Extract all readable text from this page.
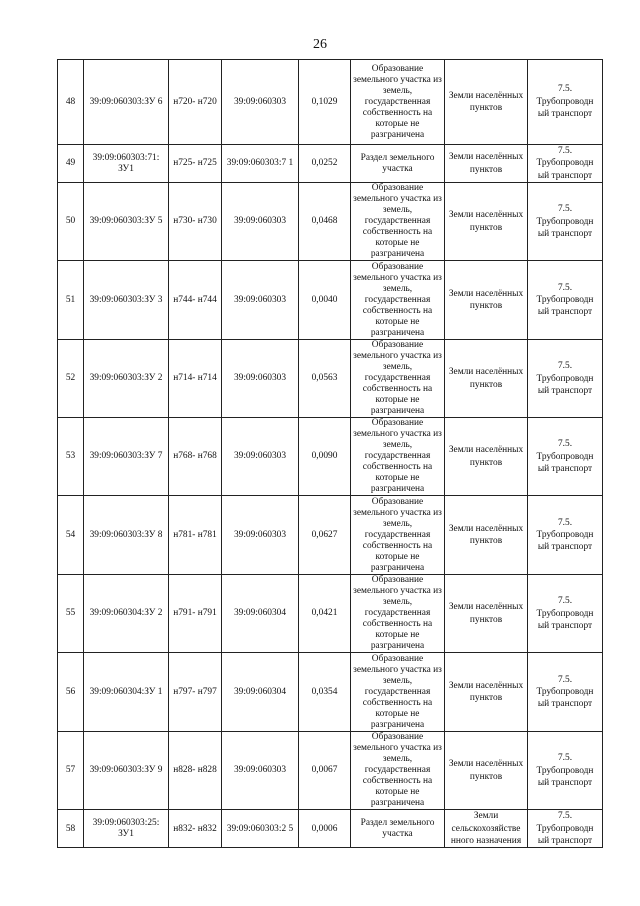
26
48	39:09:060303:ЗУ 6	н720- н720	39:09:060303	0,1029	Образование земельного участка из земель, государственная собственность на которые не разграничена	Земли населённых пунктов	7.5. Трубопроводн ый транспорт
49	39:09:060303:71: ЗУ1	н725- н725	39:09:060303:7 1	0,0252	Раздел земельного участка	Земли населённых пунктов	7.5. Трубопроводн ый транспорт
50	39:09:060303:ЗУ 5	н730- н730	39:09:060303	0,0468	Образование земельного участка из земель, государственная собственность на которые не разграничена	Земли населённых пунктов	7.5. Трубопроводн ый транспорт
51	39:09:060303:ЗУ 3	н744- н744	39:09:060303	0,0040	Образование земельного участка из земель, государственная собственность на которые не разграничена	Земли населённых пунктов	7.5. Трубопроводн ый транспорт
52	39:09:060303:ЗУ 2	н714- н714	39:09:060303	0,0563	Образование земельного участка из земель, государственная собственность на которые не разграничена	Земли населённых пунктов	7.5. Трубопроводн ый транспорт
53	39:09:060303:ЗУ 7	н768- н768	39:09:060303	0,0090	Образование земельного участка из земель, государственная собственность на которые не разграничена	Земли населённых пунктов	7.5. Трубопроводн ый транспорт
54	39:09:060303:ЗУ 8	н781- н781	39:09:060303	0,0627	Образование земельного участка из земель, государственная собственность на которые не разграничена	Земли населённых пунктов	7.5. Трубопроводн ый транспорт
55	39:09:060304:ЗУ 2	н791- н791	39:09:060304	0,0421	Образование земельного участка из земель, государственная собственность на которые не разграничена	Земли населённых пунктов	7.5. Трубопроводн ый транспорт
56	39:09:060304:ЗУ 1	н797- н797	39:09:060304	0,0354	Образование земельного участка из земель, государственная собственность на которые не разграничена	Земли населённых пунктов	7.5. Трубопроводн ый транспорт
57	39:09:060303:ЗУ 9	н828- н828	39:09:060303	0,0067	Образование земельного участка из земель, государственная собственность на которые не разграничена	Земли населённых пунктов	7.5. Трубопроводн ый транспорт
58	39:09:060303:25: ЗУ1	н832- н832	39:09:060303:2 5	0,0006	Раздел земельного участка	Земли сельскохозяйстве нного назначения	7.5. Трубопроводн ый транспорт
